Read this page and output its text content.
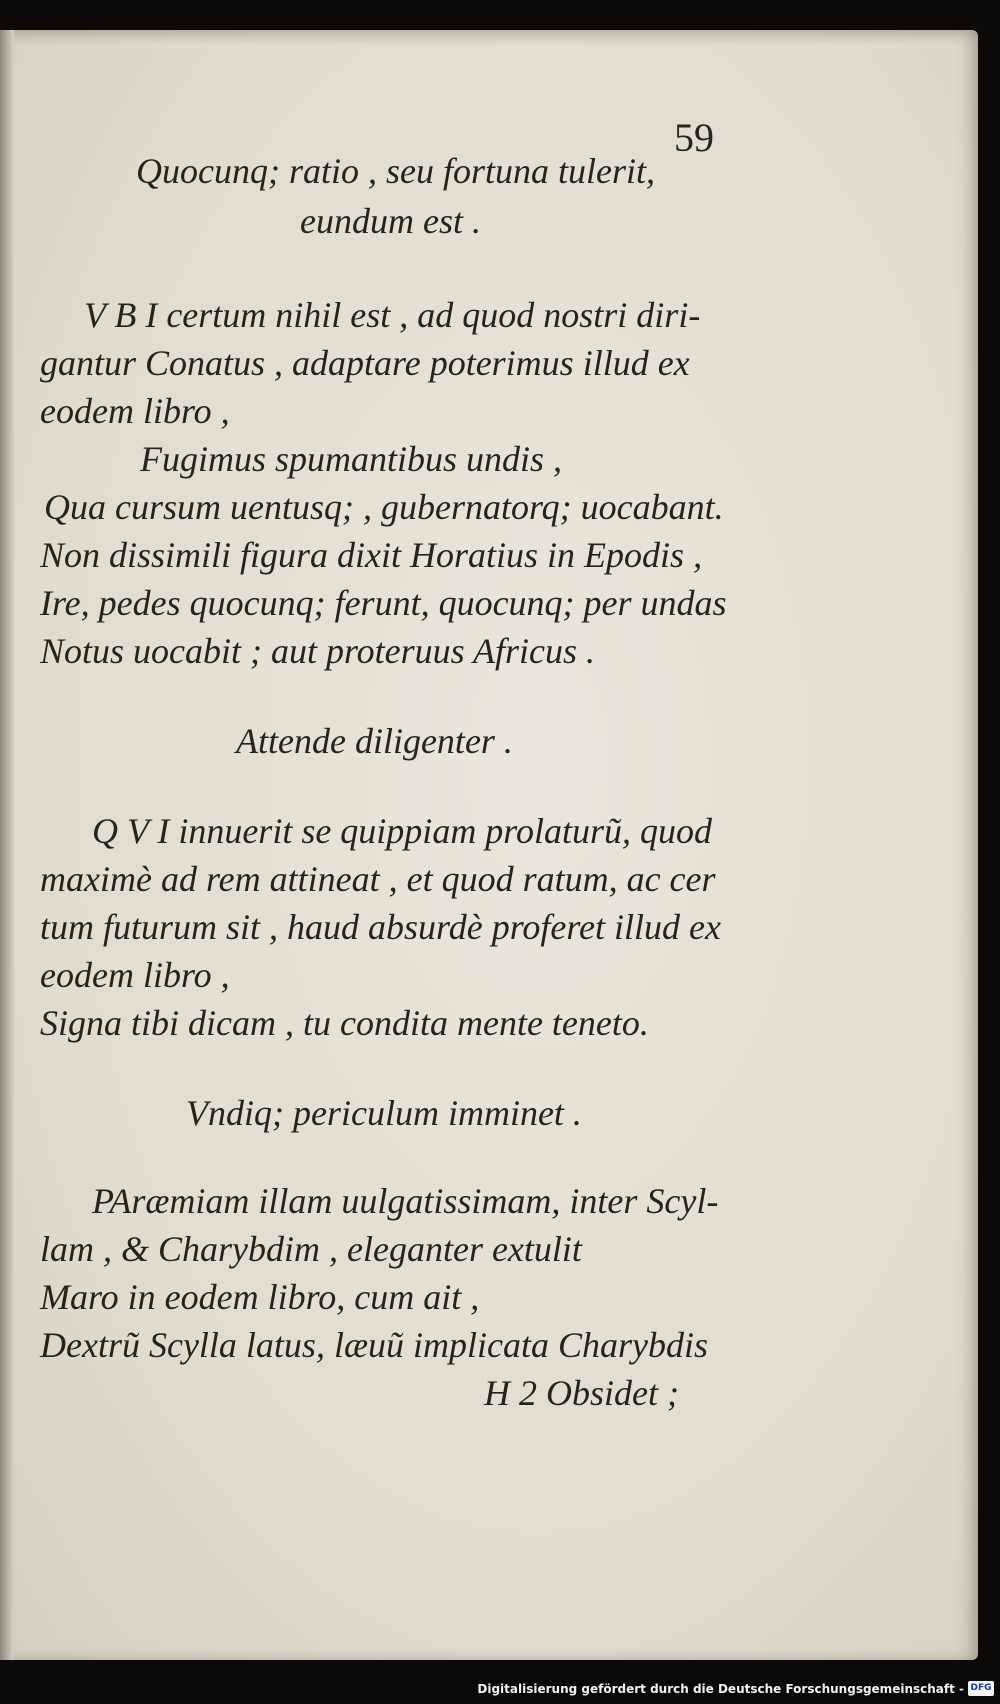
59
Quocunq; ratio , seu fortuna tulerit,
eundum est .
V B I certum nihil est , ad quod nostri diri-
gantur Conatus , adaptare poterimus illud ex
eodem libro ,
Fugimus spumantibus undis ,
Qua cursum uentusq; , gubernatorq; uocabant.
Non dissimili figura dixit Horatius in Epodis ,
Ire, pedes quocunq; ferunt, quocunq; per undas
Notus uocabit ; aut proteruus Africus .
Attende diligenter .
Q V I innuerit se quippiam prolaturũ, quod
maximè ad rem attineat , et quod ratum, ac cer
tum futurum sit , haud absurdè proferet illud ex
eodem libro ,
Signa tibi dicam , tu condita mente teneto.
Vndiq; periculum imminet .
PAræmiam illam uulgatissimam, inter Scyl-
lam , & Charybdim , eleganter extulit
Maro in eodem libro, cum ait ,
Dextrũ Scylla latus, læuũ implicata Charybdis
H 2 Obsidet ;
Digitalisierung gefördert durch die Deutsche Forschungsgemeinschaft - DFG
